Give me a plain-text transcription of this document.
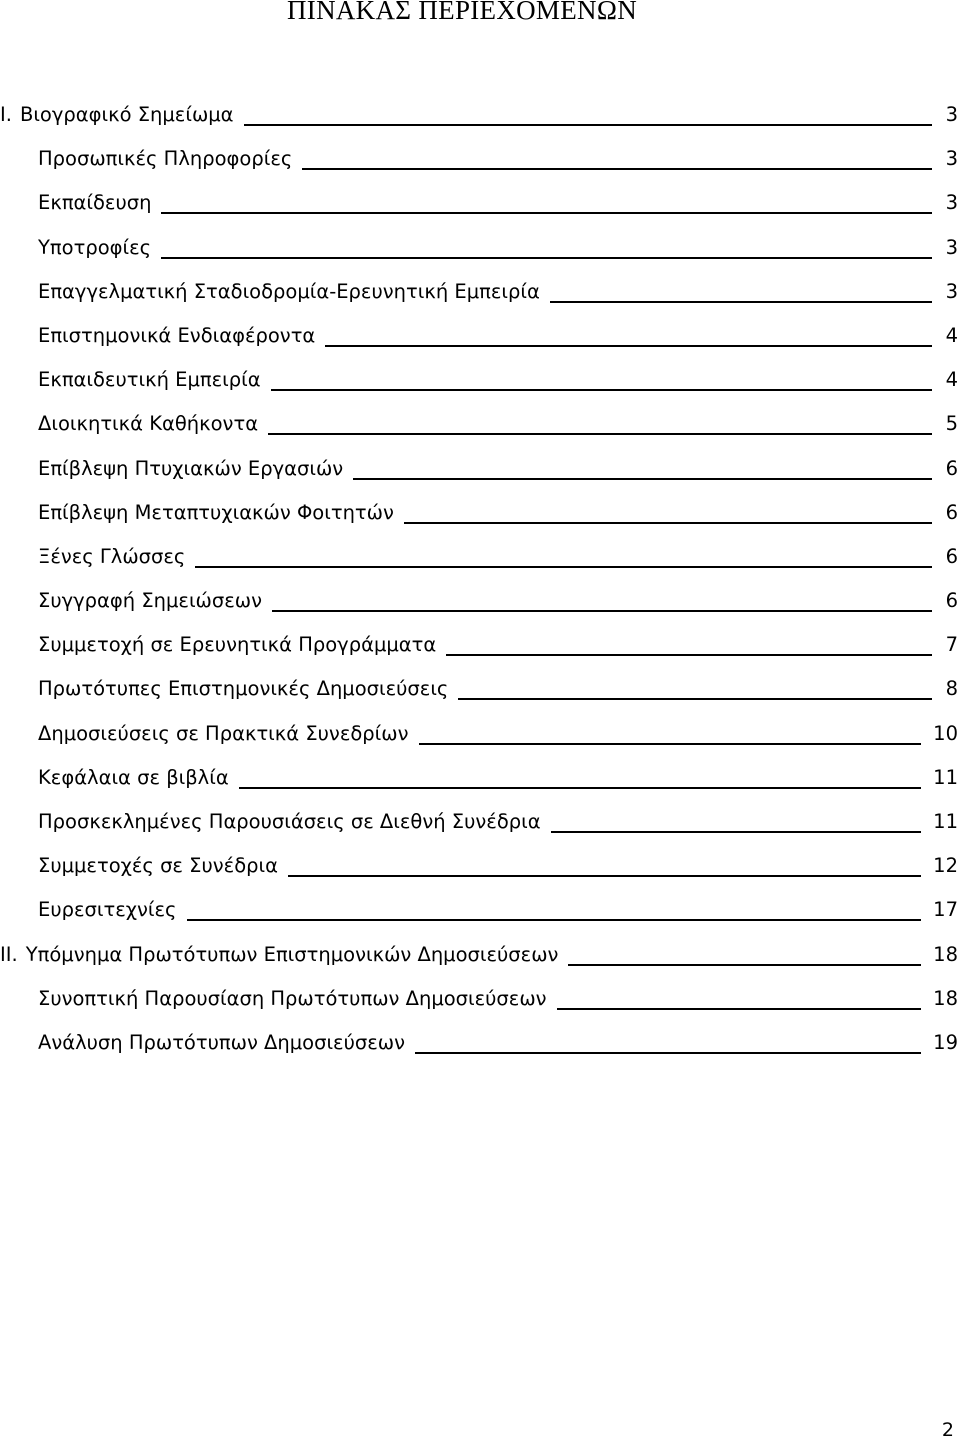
ΠΙΝΑΚΑΣ ΠΕΡΙΕΧΟΜΕΝΩΝ
I. Βιογραφικό Σημείωμα	3
Προσωπικές Πληροφορίες	3
Εκπαίδευση	3
Υποτροφίες	3
Επαγγελματική Σταδιοδρομία-Ερευνητική Εμπειρία	3
Επιστημονικά Ενδιαφέροντα	4
Εκπαιδευτική Εμπειρία	4
Διοικητικά Καθήκοντα	5
Επίβλεψη Πτυχιακών Εργασιών	6
Επίβλεψη Μεταπτυχιακών Φοιτητών	6
Ξένες Γλώσσες	6
Συγγραφή Σημειώσεων	6
Συμμετοχή σε Ερευνητικά Προγράμματα	7
Πρωτότυπες Επιστημονικές Δημοσιεύσεις	8
Δημοσιεύσεις σε Πρακτικά Συνεδρίων	10
Κεφάλαια σε βιβλία	11
Προσκεκλημένες Παρουσιάσεις σε Διεθνή Συνέδρια	11
Συμμετοχές σε Συνέδρια	12
Ευρεσιτεχνίες	17
II. Υπόμνημα Πρωτότυπων Επιστημονικών Δημοσιεύσεων	18
Συνοπτική Παρουσίαση Πρωτότυπων Δημοσιεύσεων	18
Ανάλυση Πρωτότυπων Δημοσιεύσεων	19
2
